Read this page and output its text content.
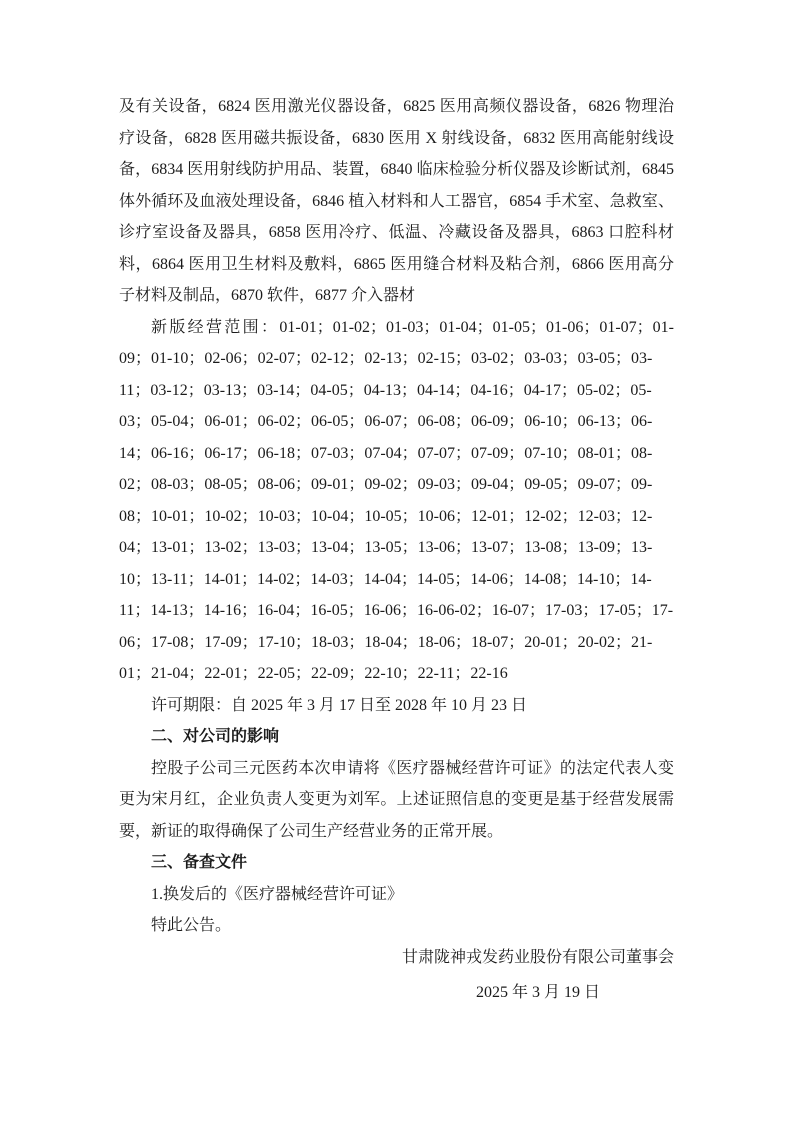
及有关设备，6824 医用激光仪器设备，6825 医用高频仪器设备，6826 物理治疗设备，6828 医用磁共振设备，6830 医用 X 射线设备，6832 医用高能射线设备，6834 医用射线防护用品、装置，6840 临床检验分析仪器及诊断试剂，6845 体外循环及血液处理设备，6846 植入材料和人工器官，6854 手术室、急救室、诊疗室设备及器具，6858 医用冷疗、低温、冷藏设备及器具，6863 口腔科材料，6864 医用卫生材料及敷料，6865 医用缝合材料及粘合剂，6866 医用高分子材料及制品，6870 软件，6877 介入器材

新版经营范围：01-01；01-02；01-03；01-04；01-05；01-06；01-07；01-09；01-10；02-06；02-07；02-12；02-13；02-15；03-02；03-03；03-05；03-11；03-12；03-13；03-14；04-05；04-13；04-14；04-16；04-17；05-02；05-03；05-04；06-01；06-02；06-05；06-07；06-08；06-09；06-10；06-13；06-14；06-16；06-17；06-18；07-03；07-04；07-07；07-09；07-10；08-01；08-02；08-03；08-05；08-06；09-01；09-02；09-03；09-04；09-05；09-07；09-08；10-01；10-02；10-03；10-04；10-05；10-06；12-01；12-02；12-03；12-04；13-01；13-02；13-03；13-04；13-05；13-06；13-07；13-08；13-09；13-10；13-11；14-01；14-02；14-03；14-04；14-05；14-06；14-08；14-10；14-11；14-13；14-16；16-04；16-05；16-06；16-06-02；16-07；17-03；17-05；17-06；17-08；17-09；17-10；18-03；18-04；18-06；18-07；20-01；20-02；21-01；21-04；22-01；22-05；22-09；22-10；22-11；22-16

许可期限：自 2025 年 3 月 17 日至 2028 年 10 月 23 日

二、对公司的影响

控股子公司三元医药本次申请将《医疗器械经营许可证》的法定代表人变更为宋月红，企业负责人变更为刘军。上述证照信息的变更是基于经营发展需要，新证的取得确保了公司生产经营业务的正常开展。

三、备查文件

1.换发后的《医疗器械经营许可证》

特此公告。

甘肃陇神戎发药业股份有限公司董事会
2025 年 3 月 19 日
